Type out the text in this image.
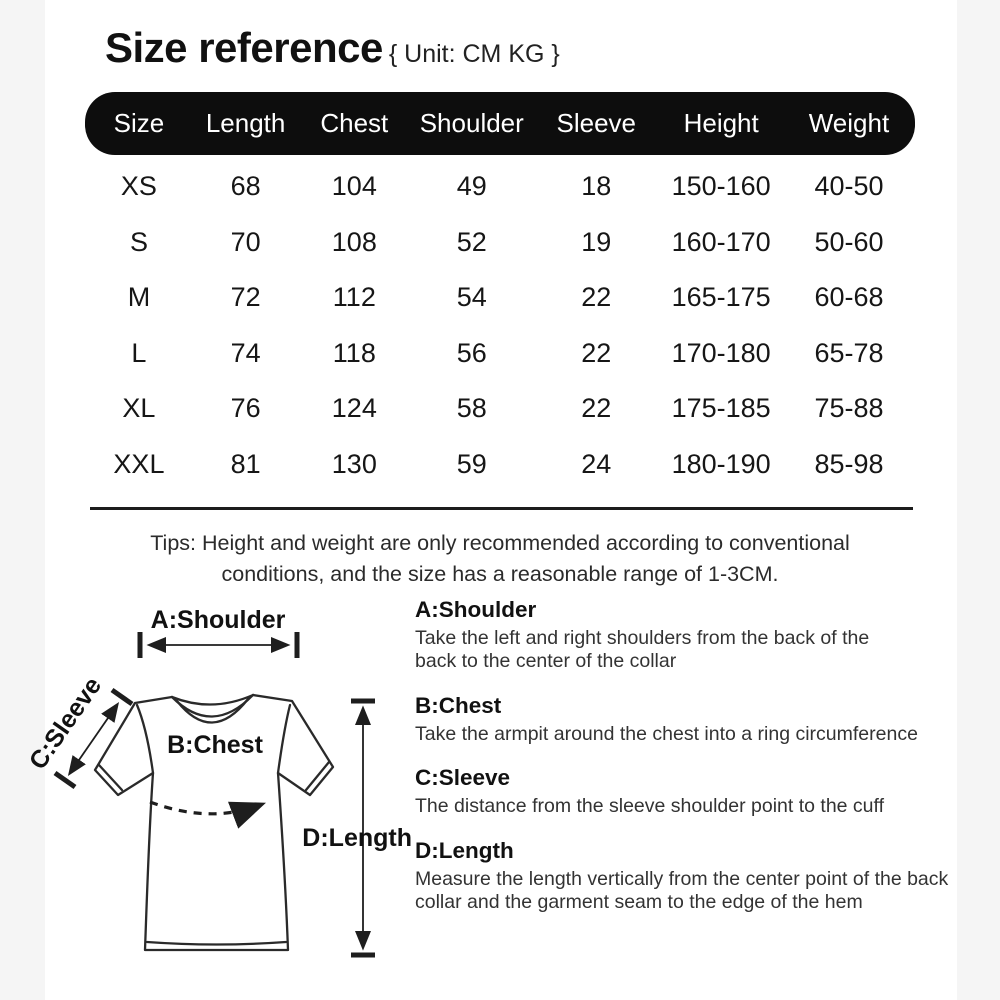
Size reference { Unit: CM KG }
Size	Length	Chest	Shoulder	Sleeve	Height	Weight
XS	68	104	49	18	150-160	40-50
S	70	108	52	19	160-170	50-60
M	72	112	54	22	165-175	60-68
L	74	118	56	22	170-180	65-78
XL	76	124	58	22	175-185	75-88
XXL	81	130	59	24	180-190	85-98
Tips: Height and weight are only recommended according to conventional
conditions, and the size has a reasonable range of 1-3CM.
A:Shoulder
B:Chest
C:Sleeve
D:Length
A:Shoulder
Take the left and right shoulders from the back of the back to the center of the collar
B:Chest
Take the armpit around the chest into a ring circumference
C:Sleeve
The distance from the sleeve shoulder point to the cuff
D:Length
Measure the length vertically from the center point of the back collar and the garment seam to the edge of the hem
